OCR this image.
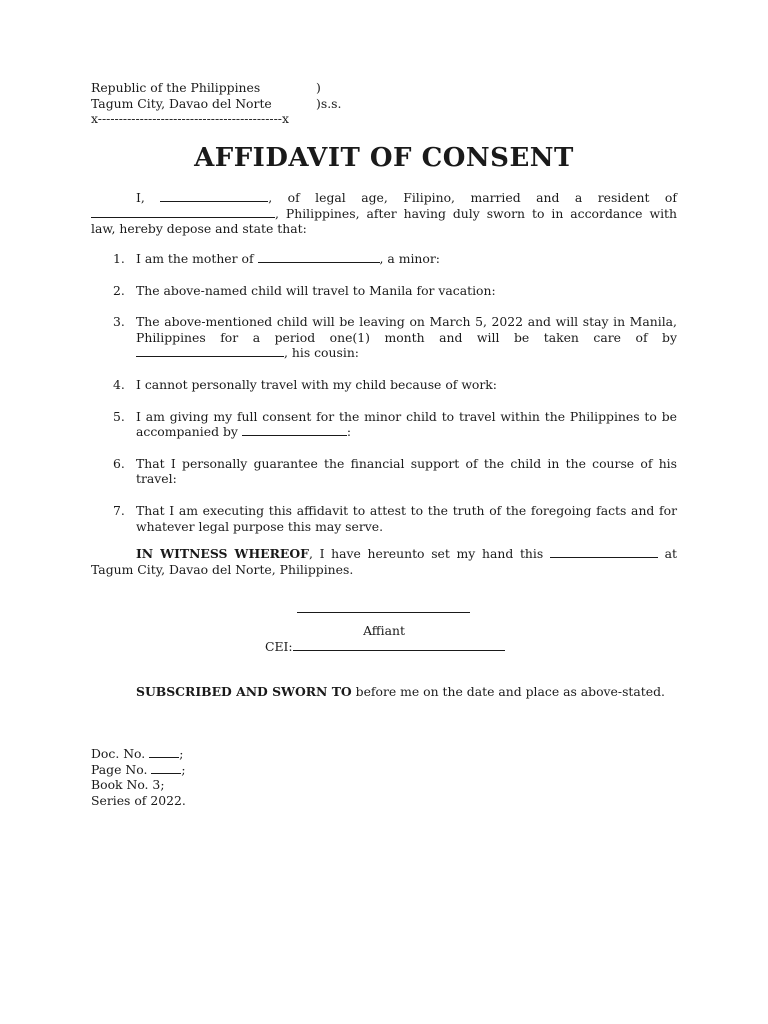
Republic of the Philippines	)
Tagum City, Davao del Norte	)s.s.
x--------------------------------------------x
AFFIDAVIT OF CONSENT
I,	, of legal age, Filipino, married and a resident of , Philippines, after having duly sworn to in accordance with law, hereby depose and state that:
1. I am the mother of	, a minor:
2. The above-named child will travel to Manila for vacation:
3. The above-mentioned child will be leaving on March 5, 2022 and will stay in Manila, Philippines for a period one(1) month and will be taken care of by , his cousin:
4. I cannot personally travel with my child because of work:
5. I am giving my full consent for the minor child to travel within the Philippines to be accompanied by	:
6. That I personally guarantee the financial support of the child in the course of his travel:
7. That I am executing this affidavit to attest to the truth of the foregoing facts and for whatever legal purpose this may serve.
IN WITNESS WHEREOF, I have hereunto set my hand this	at Tagum City, Davao del Norte, Philippines.
Affiant
CEI:
SUBSCRIBED AND SWORN TO before me on the date and place as above-stated.
Doc. No.	;
Page No.	;
Book No. 3;
Series of 2022.
